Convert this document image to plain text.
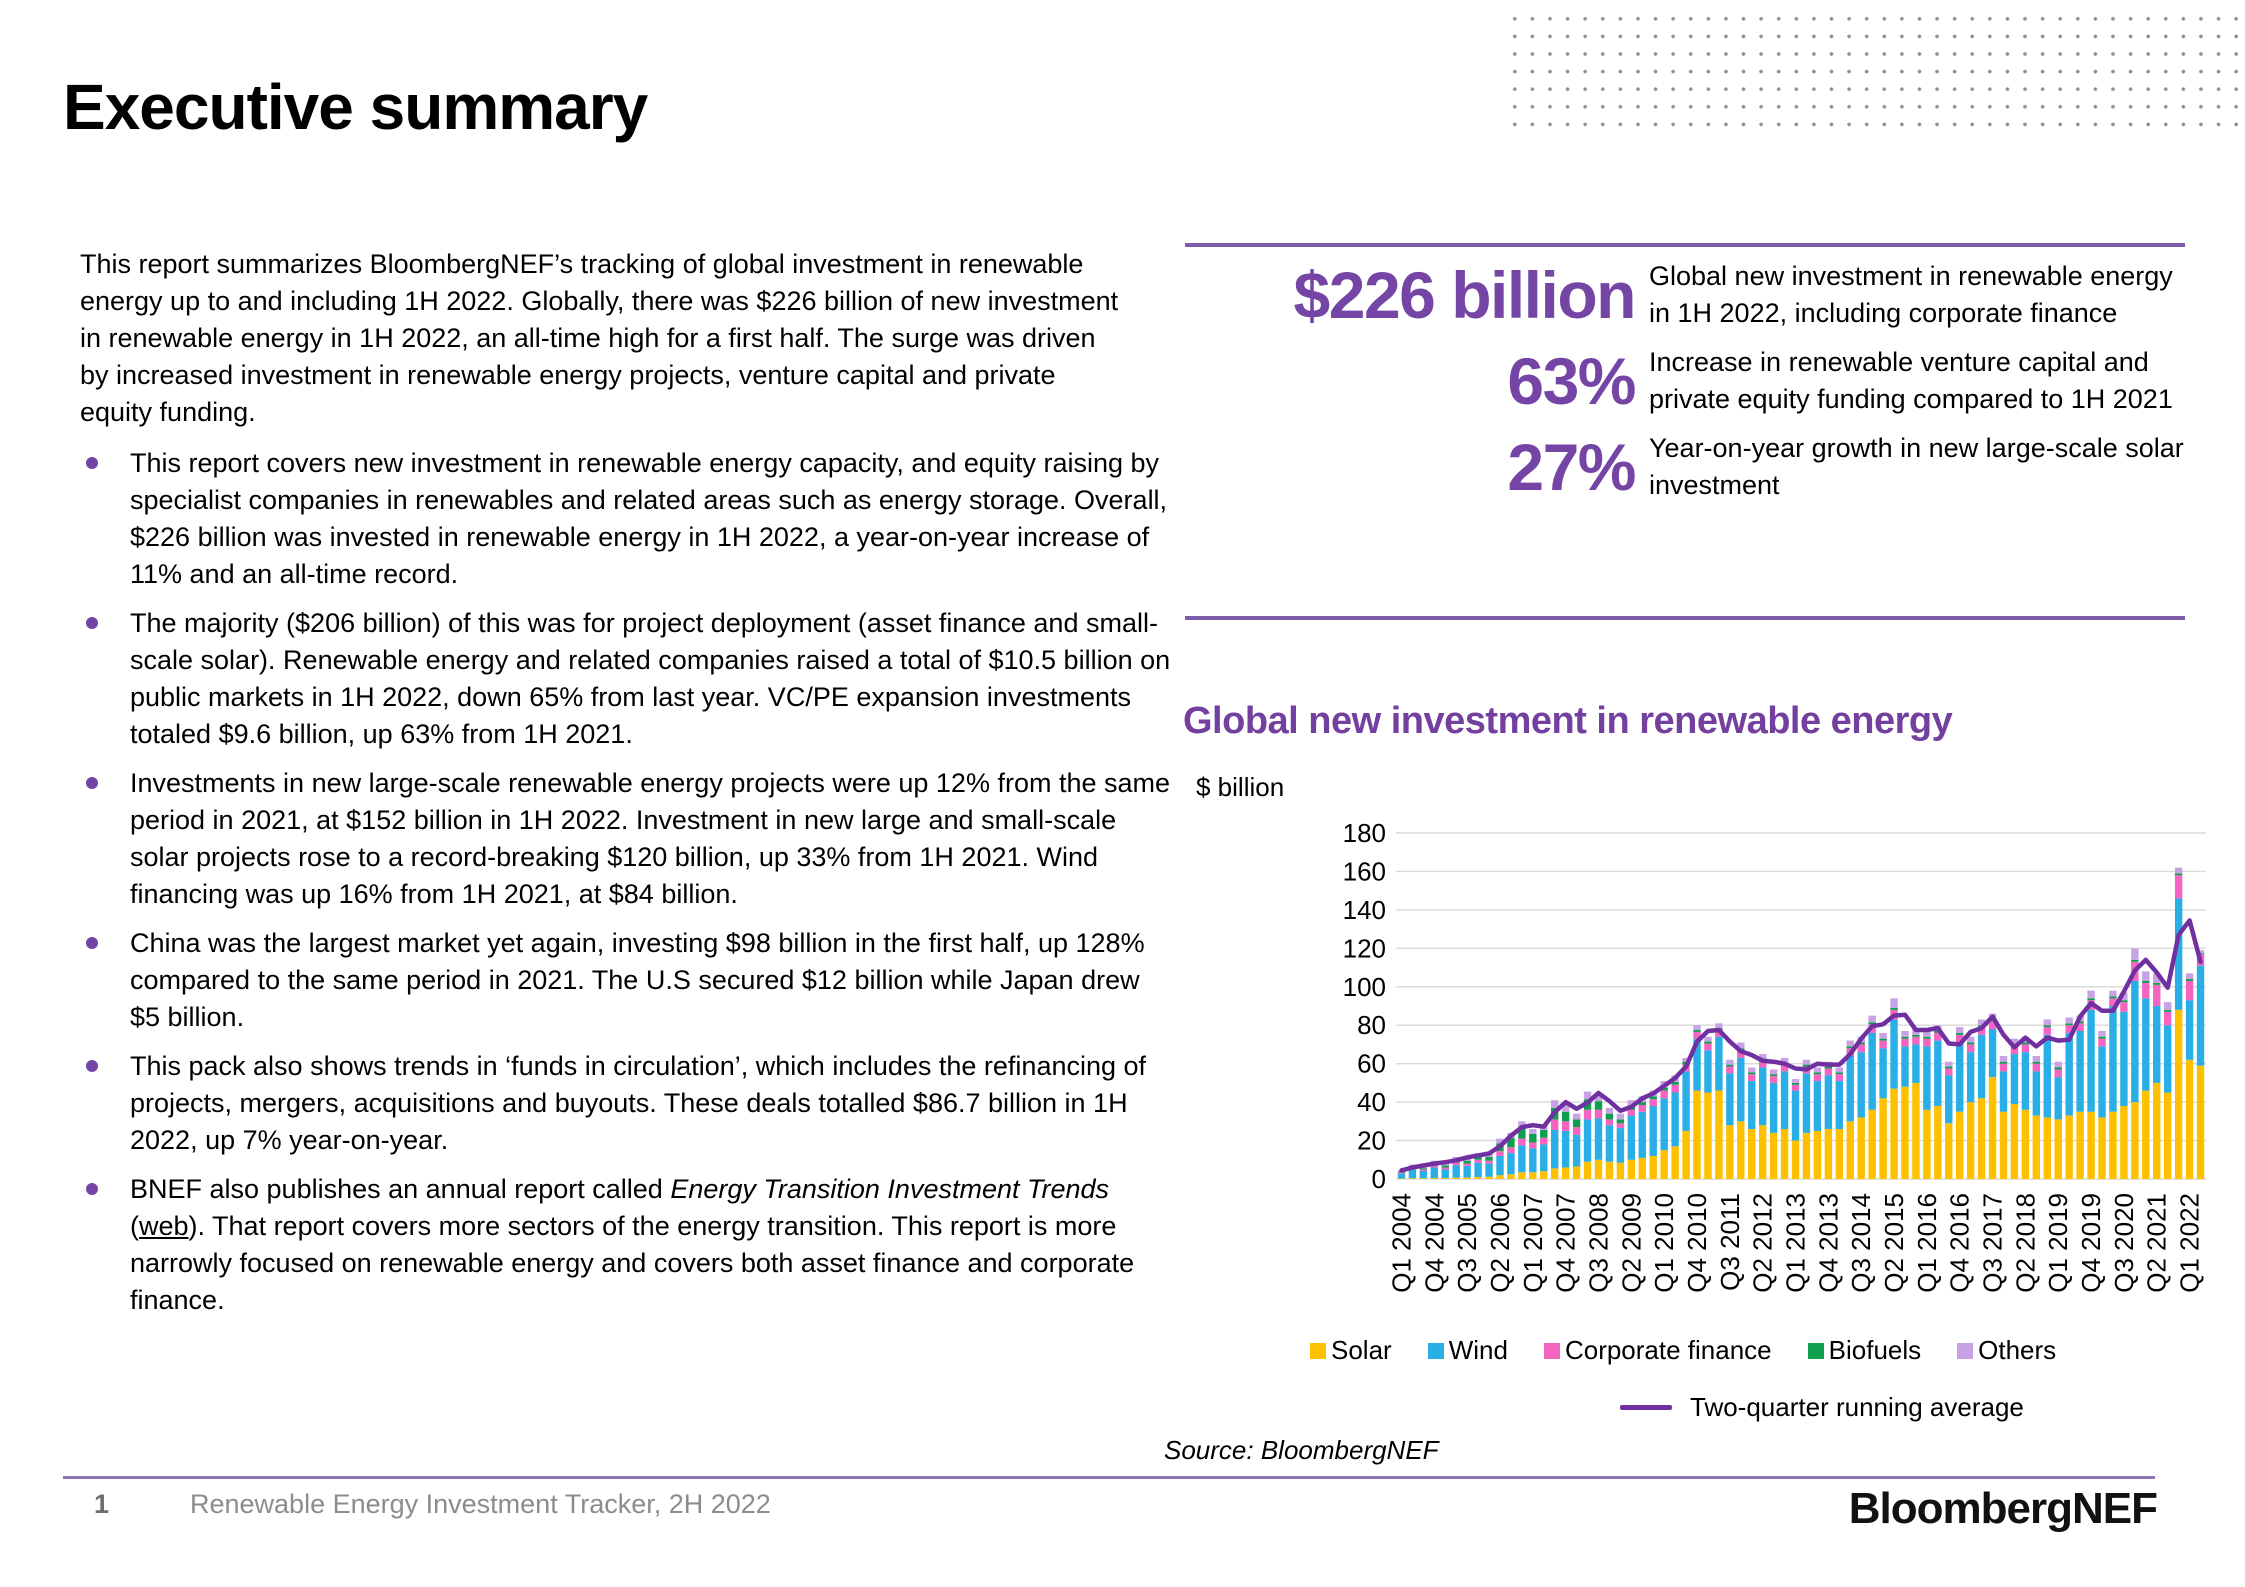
Executive summary

This report summarizes BloombergNEF’s tracking of global investment in renewable energy up to and including 1H 2022. Globally, there was $226 billion of new investment in renewable energy in 1H 2022, an all-time high for a first half. The surge was driven by increased investment in renewable energy projects, venture capital and private equity funding.

This report covers new investment in renewable energy capacity, and equity raising by specialist companies in renewables and related areas such as energy storage. Overall, $226 billion was invested in renewable energy in 1H 2022, a year-on-year increase of 11% and an all-time record.
The majority ($206 billion) of this was for project deployment (asset finance and small-scale solar). Renewable energy and related companies raised a total of $10.5 billion on public markets in 1H 2022, down 65% from last year. VC/PE expansion investments totaled $9.6 billion, up 63% from 1H 2021.
Investments in new large-scale renewable energy projects were up 12% from the same period in 2021, at $152 billion in 1H 2022. Investment in new large and small-scale solar projects rose to a record-breaking $120 billion, up 33% from 1H 2021. Wind financing was up 16% from 1H 2021, at $84 billion.
China was the largest market yet again, investing $98 billion in the first half, up 128% compared to the same period in 2021. The U.S secured $12 billion while Japan drew $5 billion.
This pack also shows trends in ‘funds in circulation’, which includes the refinancing of projects, mergers, acquisitions and buyouts. These deals totalled $86.7 billion in 1H 2022, up 7% year-on-year.
BNEF also publishes an annual report called Energy Transition Investment Trends (web). That report covers more sectors of the energy transition. This report is more narrowly focused on renewable energy and covers both asset finance and corporate finance.
$226 billion Global new investment in renewable energy in 1H 2022, including corporate finance
63% Increase in renewable venture capital and private equity funding compared to 1H 2021
27% Year-on-year growth in new large-scale solar investment
Global new investment in renewable energy
$ billion
0
20
40
60
80
100
120
140
160
180
Q1 2004 Q4 2004 Q3 2005 Q2 2006 Q1 2007 Q4 2007 Q3 2008 Q2 2009 Q1 2010 Q4 2010 Q3 2011 Q2 2012 Q1 2013 Q4 2013 Q3 2014 Q2 2015 Q1 2016 Q4 2016 Q3 2017 Q2 2018 Q1 2019 Q4 2019 Q3 2020 Q2 2021 Q1 2022
Solar Wind Corporate finance Biofuels Others
Two-quarter running average
Source: BloombergNEF
1	Renewable Energy Investment Tracker, 2H 2022	BloombergNEF
